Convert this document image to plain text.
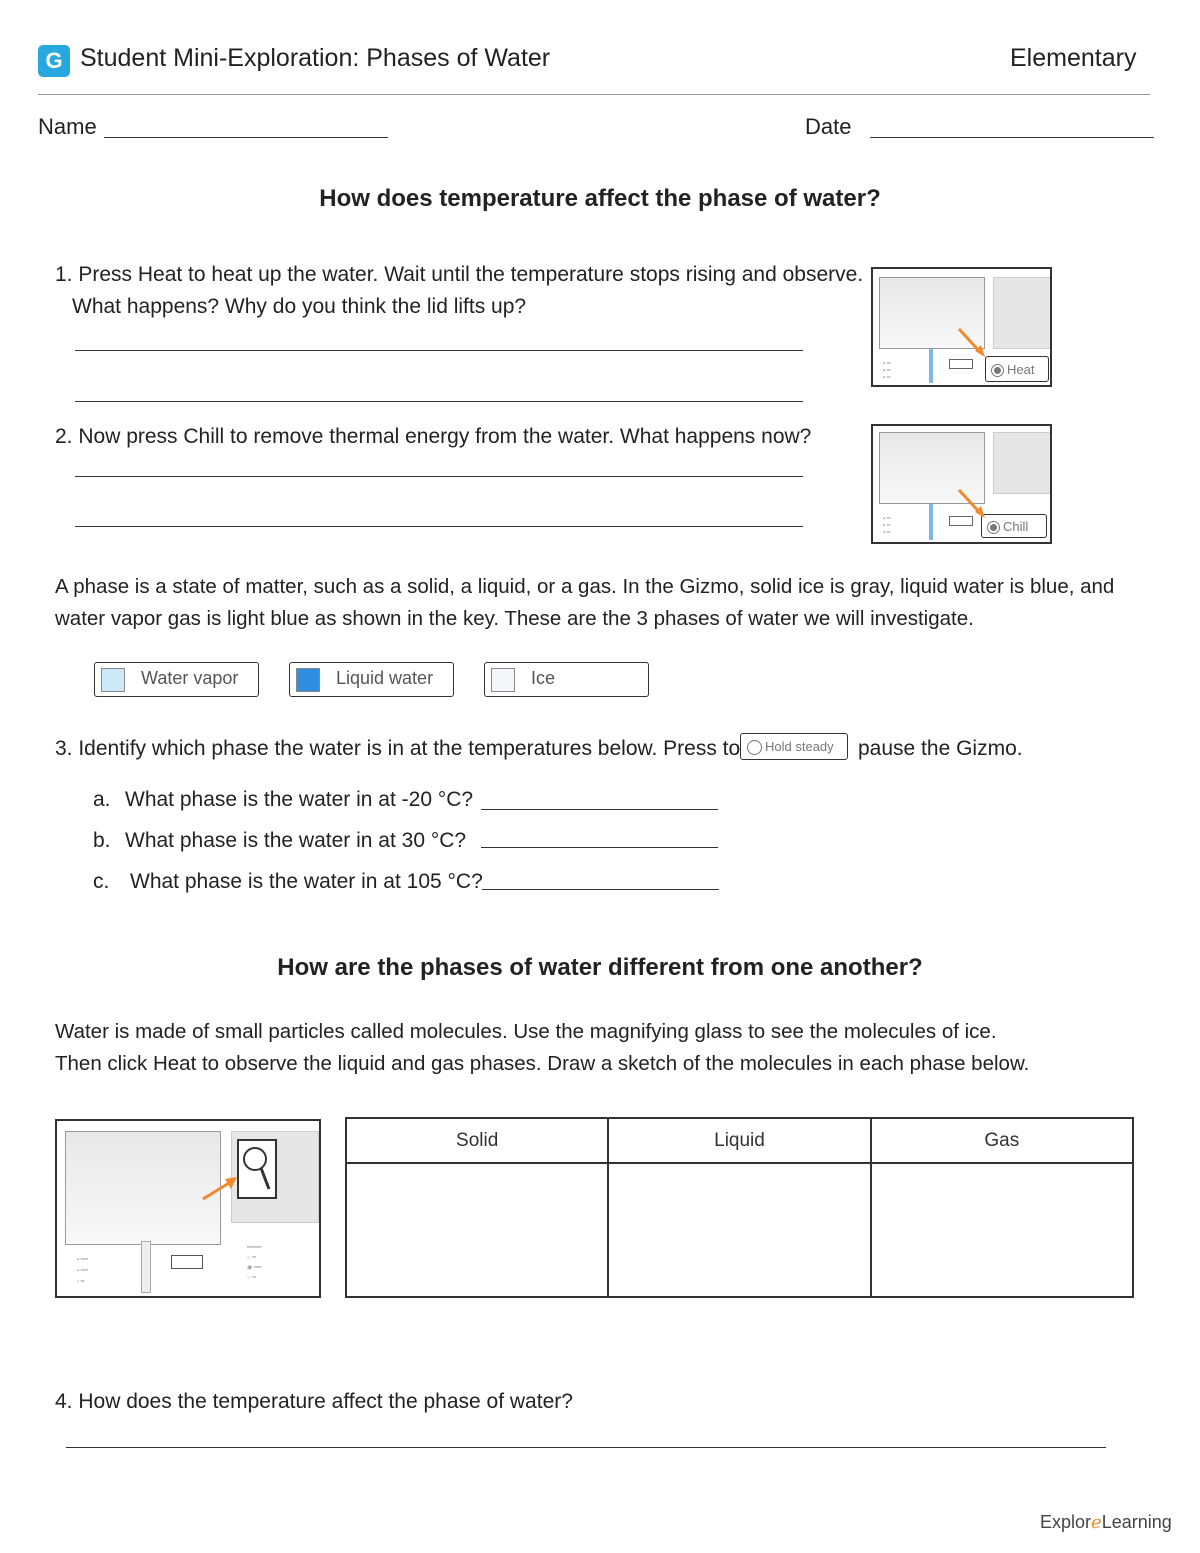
G Student Mini-Exploration: Phases of Water	Elementary
Name	Date
How does temperature affect the phase of water?
1. Press Heat to heat up the water. Wait until the temperature stops rising and observe.
What happens? Why do you think the lid lifts up?
▪ ━
▪ ━
▪ ━
Heat
2. Now press Chill to remove thermal energy from the water. What happens now?
▪ ━
▪ ━
▪ ━	Chill
A phase is a state of matter, such as a solid, a liquid, or a gas. In the Gizmo, solid ice is gray, liquid water is blue, and
water vapor gas is light blue as shown in the key. These are the 3 phases of water we will investigate.
Water vapor	Liquid water	Ice
3. Identify which phase the water is in at the temperatures below. Press to	Hold steady pause the Gizmo.
a. What phase is the water in at -20 °C?
b. What phase is the water in at 30 °C?
c. What phase is the water in at 105 °C?
How are the phases of water different from one another?
Water is made of small particles called molecules. Use the magnifying glass to see the molecules of ice.
Then click Heat to observe the liquid and gas phases. Draw a sketch of the molecules in each phase below.
▪ ━━
▪ ━━
▫ ━
━━━━
○ ━
◉ ━━
○ ━
Solid	Liquid	Gas

4. How does the temperature affect the phase of water?
ExploreLearning
